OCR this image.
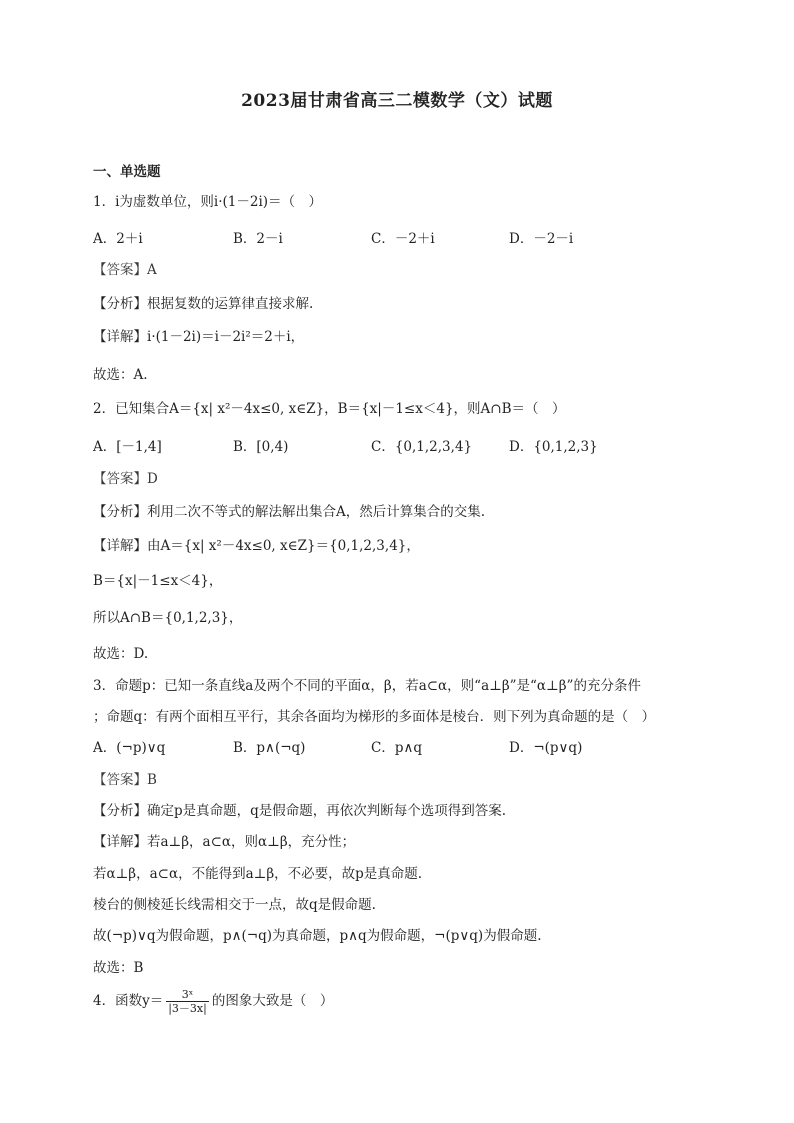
2023届甘肃省高三二模数学（文）试题
一、单选题
1．i为虚数单位，则i·(1－2i)＝（　）
A．2＋i	B．2－i	C．－2＋i	D．－2－i
【答案】A
【分析】根据复数的运算律直接求解.
【详解】i·(1－2i)＝i－2i²＝2＋i，
故选：A.
2．已知集合A＝{x| x²－4x≤0, x∈Z}，B＝{x|－1≤x＜4}，则A∩B＝（　）
A．[－1,4]	B．[0,4)	C．{0,1,2,3,4}	D．{0,1,2,3}
【答案】D
【分析】利用二次不等式的解法解出集合A，然后计算集合的交集.
【详解】由A＝{x| x²－4x≤0, x∈Z}＝{0,1,2,3,4}，
B＝{x|－1≤x＜4}，
所以A∩B＝{0,1,2,3}，
故选：D.
3．命题p：已知一条直线a及两个不同的平面α，β，若a⊂α，则“a⊥β”是“α⊥β”的充分条件
；命题q：有两个面相互平行，其余各面均为梯形的多面体是棱台．则下列为真命题的是（　）
A．(¬p)∨q	B．p∧(¬q)	C．p∧q	D．¬(p∨q)
【答案】B
【分析】确定p是真命题，q是假命题，再依次判断每个选项得到答案.
【详解】若a⊥β，a⊂α，则α⊥β，充分性；
若α⊥β，a⊂α，不能得到a⊥β，不必要，故p是真命题.
棱台的侧棱延长线需相交于一点，故q是假命题.
故(¬p)∨q为假命题，p∧(¬q)为真命题，p∧q为假命题，¬(p∨q)为假命题.
故选：B
4．函数$y= \frac{\text{3ˣ}}{|3-3x|}$ 的图象大致是（　）
